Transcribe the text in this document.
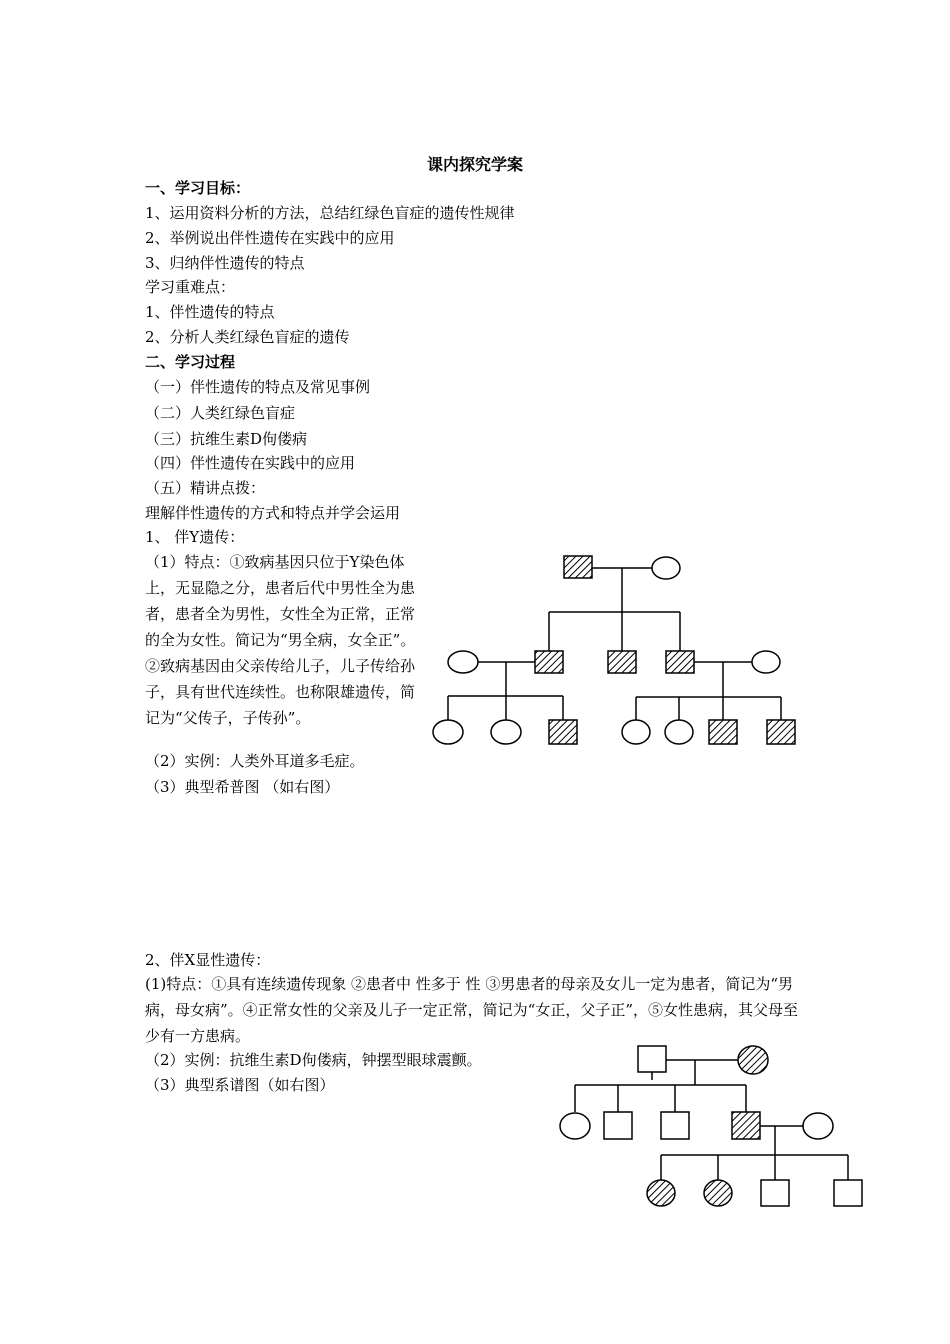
课内探究学案
一、学习目标：
1、运用资料分析的方法，总结红绿色盲症的遗传性规律
2、举例说出伴性遗传在实践中的应用
3、归纳伴性遗传的特点
学习重难点：
1、伴性遗传的特点
2、分析人类红绿色盲症的遗传
二、学习过程
（一）伴性遗传的特点及常见事例
（二）人类红绿色盲症
（三）抗维生素D佝偻病
（四）伴性遗传在实践中的应用
（五）精讲点拨：
理解伴性遗传的方式和特点并学会运用
1、 伴Y遗传：
（1）特点：①致病基因只位于Y染色体上，无显隐之分，患者后代中男性全为患者，患者全为男性，女性全为正常，正常的全为女性。简记为“男全病，女全正”。②致病基因由父亲传给儿子，儿子传给孙子，具有世代连续性。也称限雄遗传，简记为“父传子，子传孙”。
（2）实例：人类外耳道多毛症。
（3）典型希普图 （如右图）
2、伴X显性遗传：
(1)特点：①具有连续遗传现象 ②患者中 性多于 性 ③男患者的母亲及女儿一定为患者，简记为“男病，母女病”。④正常女性的父亲及儿子一定正常，简记为“女正，父子正”，⑤女性患病，其父母至少有一方患病。
（2）实例：抗维生素D佝偻病，钟摆型眼球震颤。
（3）典型系谱图（如右图）
